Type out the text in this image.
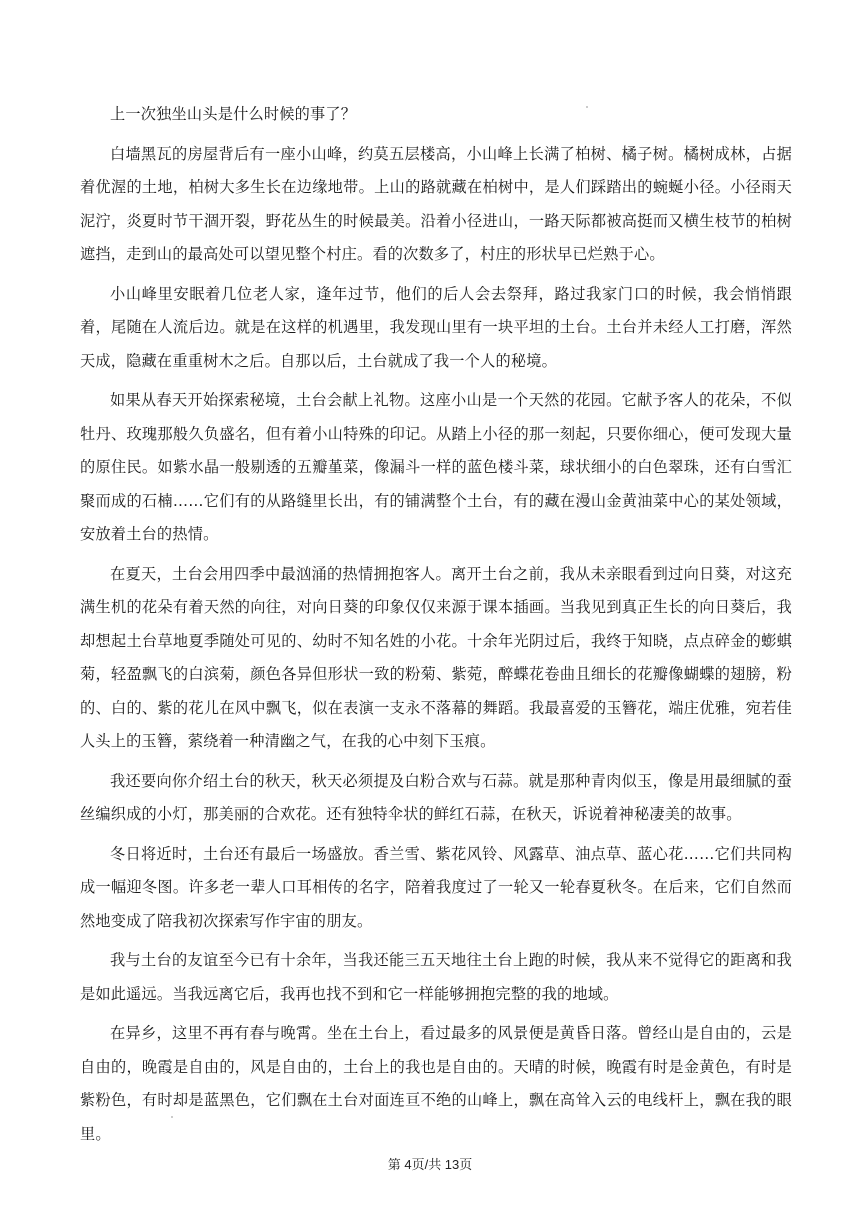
上一次独坐山头是什么时候的事了？

白墙黑瓦的房屋背后有一座小山峰，约莫五层楼高，小山峰上长满了柏树、橘子树。橘树成林，占据着优渥的土地，柏树大多生长在边缘地带。上山的路就藏在柏树中，是人们踩踏出的蜿蜒小径。小径雨天泥泞，炎夏时节干涸开裂，野花丛生的时候最美。沿着小径进山，一路天际都被高挺而又横生枝节的柏树遮挡，走到山的最高处可以望见整个村庄。看的次数多了，村庄的形状早已烂熟于心。

小山峰里安眠着几位老人家，逢年过节，他们的后人会去祭拜，路过我家门口的时候，我会悄悄跟着，尾随在人流后边。就是在这样的机遇里，我发现山里有一块平坦的土台。土台并未经人工打磨，浑然天成，隐藏在重重树木之后。自那以后，土台就成了我一个人的秘境。

如果从春天开始探索秘境，土台会献上礼物。这座小山是一个天然的花园。它献予客人的花朵，不似牡丹、玫瑰那般久负盛名，但有着小山特殊的印记。从踏上小径的那一刻起，只要你细心，便可发现大量的原住民。如紫水晶一般剔透的五瓣堇菜，像漏斗一样的蓝色楼斗菜，球状细小的白色翠珠，还有白雪汇聚而成的石楠……它们有的从路缝里长出，有的铺满整个土台，有的藏在漫山金黄油菜中心的某处领域，安放着土台的热情。

在夏天，土台会用四季中最汹涌的热情拥抱客人。离开土台之前，我从未亲眼看到过向日葵，对这充满生机的花朵有着天然的向往，对向日葵的印象仅仅来源于课本插画。当我见到真正生长的向日葵后，我却想起土台草地夏季随处可见的、幼时不知名姓的小花。十余年光阴过后，我终于知晓，点点碎金的蟛蜞菊，轻盈飘飞的白滨菊，颜色各异但形状一致的粉菊、紫菀，醉蝶花卷曲且细长的花瓣像蝴蝶的翅膀，粉的、白的、紫的花儿在风中飘飞，似在表演一支永不落幕的舞蹈。我最喜爱的玉簪花，端庄优雅，宛若佳人头上的玉簪，萦绕着一种清幽之气，在我的心中刻下玉痕。

我还要向你介绍土台的秋天，秋天必须提及白粉合欢与石蒜。就是那种青肉似玉，像是用最细腻的蚕丝编织成的小灯，那美丽的合欢花。还有独特伞状的鲜红石蒜，在秋天，诉说着神秘凄美的故事。

冬日将近时，土台还有最后一场盛放。香兰雪、紫花风铃、风露草、油点草、蓝心花……它们共同构成一幅迎冬图。许多老一辈人口耳相传的名字，陪着我度过了一轮又一轮春夏秋冬。在后来，它们自然而然地变成了陪我初次探索写作宇宙的朋友。

我与土台的友谊至今已有十余年，当我还能三五天地往土台上跑的时候，我从来不觉得它的距离和我是如此遥远。当我远离它后，我再也找不到和它一样能够拥抱完整的我的地域。

在异乡，这里不再有春与晚霄。坐在土台上，看过最多的风景便是黄昏日落。曾经山是自由的，云是自由的，晚霞是自由的，风是自由的，土台上的我也是自由的。天晴的时候，晚霞有时是金黄色，有时是紫粉色，有时却是蓝黑色，它们飘在土台对面连亘不绝的山峰上，飘在高耸入云的电线杆上，飘在我的眼里。

第 4页/共 13页
